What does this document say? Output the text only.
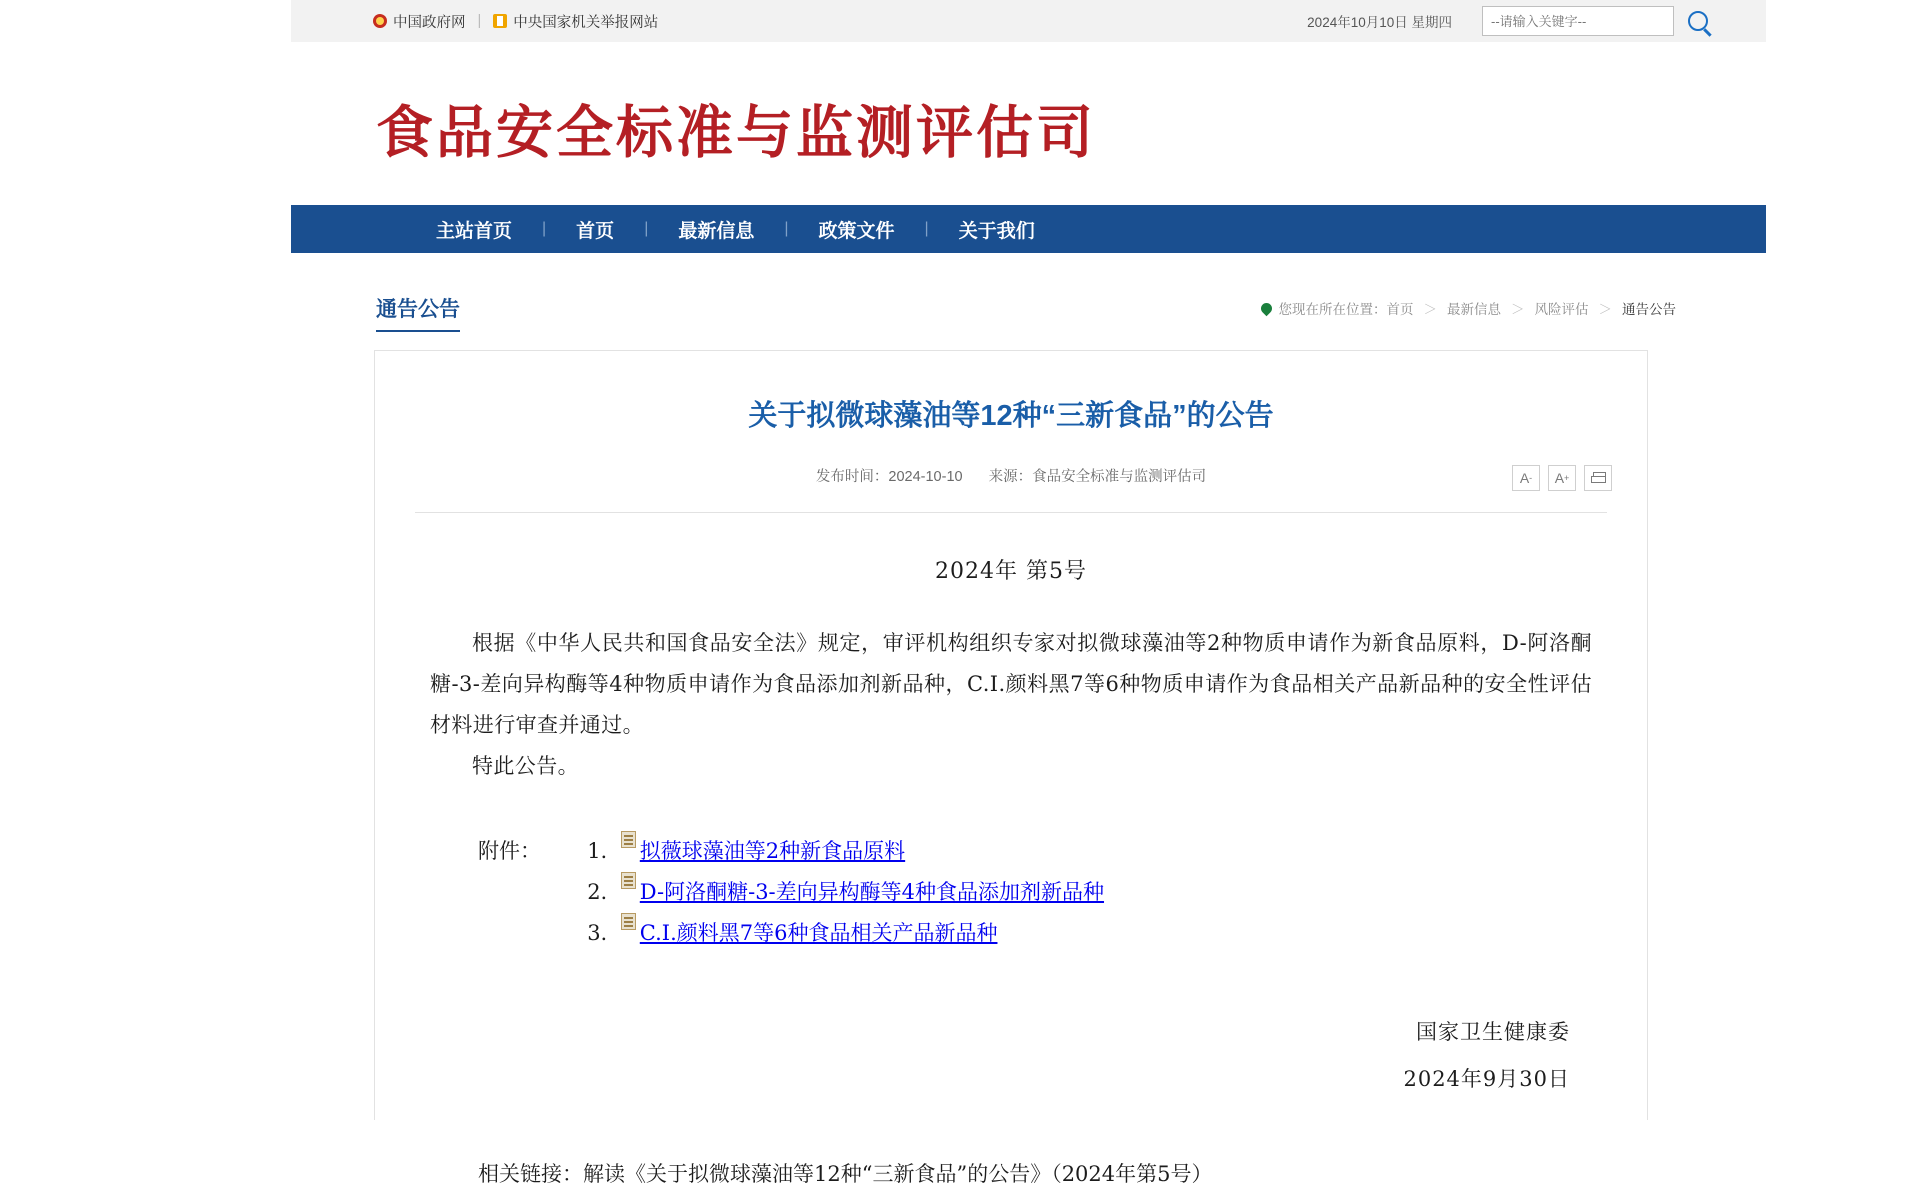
中国政府网 | 中央国家机关举报网站	2024年10月10日 星期四
--请输入关键字--
食品安全标准与监测评估司
主站首页	|	首页	|	最新信息	|	政策文件	|	关于我们
通告公告	您现在所在位置： 首页 ＞ 最新信息 ＞ 风险评估 ＞ 通告公告
关于拟微球藻油等12种“三新食品”的公告
发布时间：2024-10-10 来源：食品安全标准与监测评估司	A - A +
2024年 第5号
根据《中华人民共和国食品安全法》规定，审评机构组织专家对拟微球藻油等2种物质申请作为新食品原料，D-阿洛酮糖-3-差向异构酶等4种物质申请作为食品添加剂新品种，C.I.颜料黑7等6种物质申请作为食品相关产品新品种的安全性评估材料进行审查并通过。
特此公告。
附件：	1.	拟薇球藻油等2种新食品原料
2.	D-阿洛酮糖-3-差向异构酶等4种食品添加剂新品种
3.	C.I.颜料黑7等6种食品相关产品新品种
国家卫生健康委
2024年9月30日
相关链接：解读《关于拟微球藻油等12种“三新食品”的公告》（2024年第5号）
